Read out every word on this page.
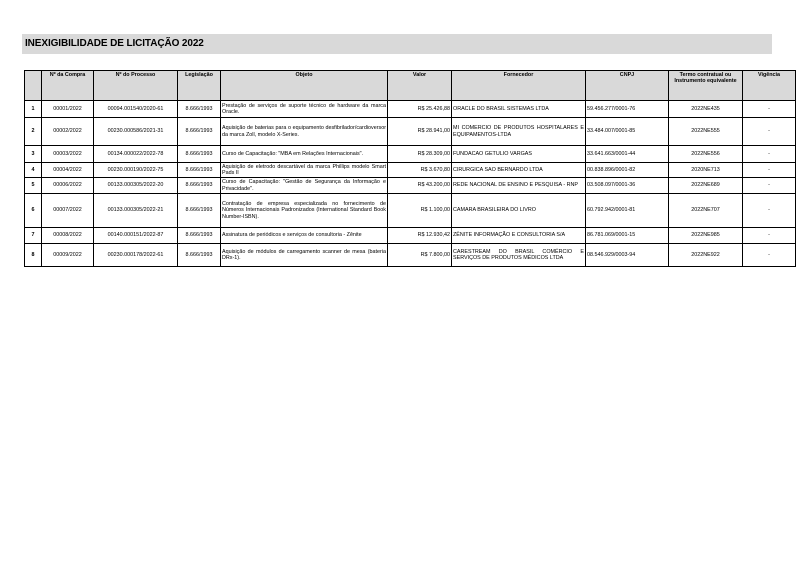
INEXIGIBILIDADE DE LICITAÇÃO 2022
	Nº da Compra	Nº do Processo	Legislação	Objeto	Valor	Fornecedor	CNPJ	Termo contratual ou Instrumento equivalente	Vigência
1	00001/2022	00094.001540/2020-61	8.666/1993	Prestação de serviços de suporte técnico de hardware da marca Oracle.	R$ 25.426,88	ORACLE DO BRASIL SISTEMAS LTDA	59.456.277/0001-76	2022NE435	-
2	00002/2022	00230.000586/2021-31	8.666/1993	Aquisição de baterias para o equipamento desfibrilador/cardioversor da marca Zoll, modelo X-Series.	R$ 28.941,00	MI COMERCIO DE PRODUTOS HOSPITALARES E EQUIPAMENTOS-LTDA	33.484.007/0001-85	2022NE555	-
3	00003/2022	00134.000022/2022-78	8.666/1993	Curso de Capacitação: "MBA em Relações Internacionais".	R$ 28.309,00	FUNDACAO GETULIO VARGAS	33.641.663/0001-44	2022NE556	-
4	00004/2022	00230.000190/2022-75	8.666/1993	Aquisição de eletrodo descartável da marca Phillips modelo Smart Pads II	R$ 3.670,80	CIRURGICA SAO BERNARDO LTDA	00.838.896/0001-82	2020NE713	-
5	00006/2022	00133.000305/2022-20	8.666/1993	Curso de Capacitação: "Gestão de Segurança da Informação e Privacidade".	R$ 43.200,00	REDE NACIONAL DE ENSINO E PESQUISA - RNP	03.508.097/0001-36	2022NE689	-
6	00007/2022	00133.000305/2022-21	8.666/1993	Contratação de empresa especializada no fornecimento de Números Internacionais Padronizados (International Standard Book Number-ISBN).	R$ 1.100,00	CAMARA BRASILEIRA DO LIVRO	60.792.942/0001-81	2022NE707	-
7	00008/2022	00140.000151/2022-87	8.666/1993	Assinatura de periódicos e serviços de consultoria - Zênite	R$ 12.930,42	ZÊNITE INFORMAÇÃO E CONSULTORIA S/A	86.781.069/0001-15	2022NE985	-
8	00009/2022	00230.000178/2022-61	8.666/1993	Aquisição de módulos de carregamento scanner de mesa (bateria DRx-1).	R$ 7.800,00	CARESTREAM DO BRASIL COMÉRCIO E SERVIÇOS DE PRODUTOS MÉDICOS LTDA	08.546.929/0003-94	2022NE922	-
